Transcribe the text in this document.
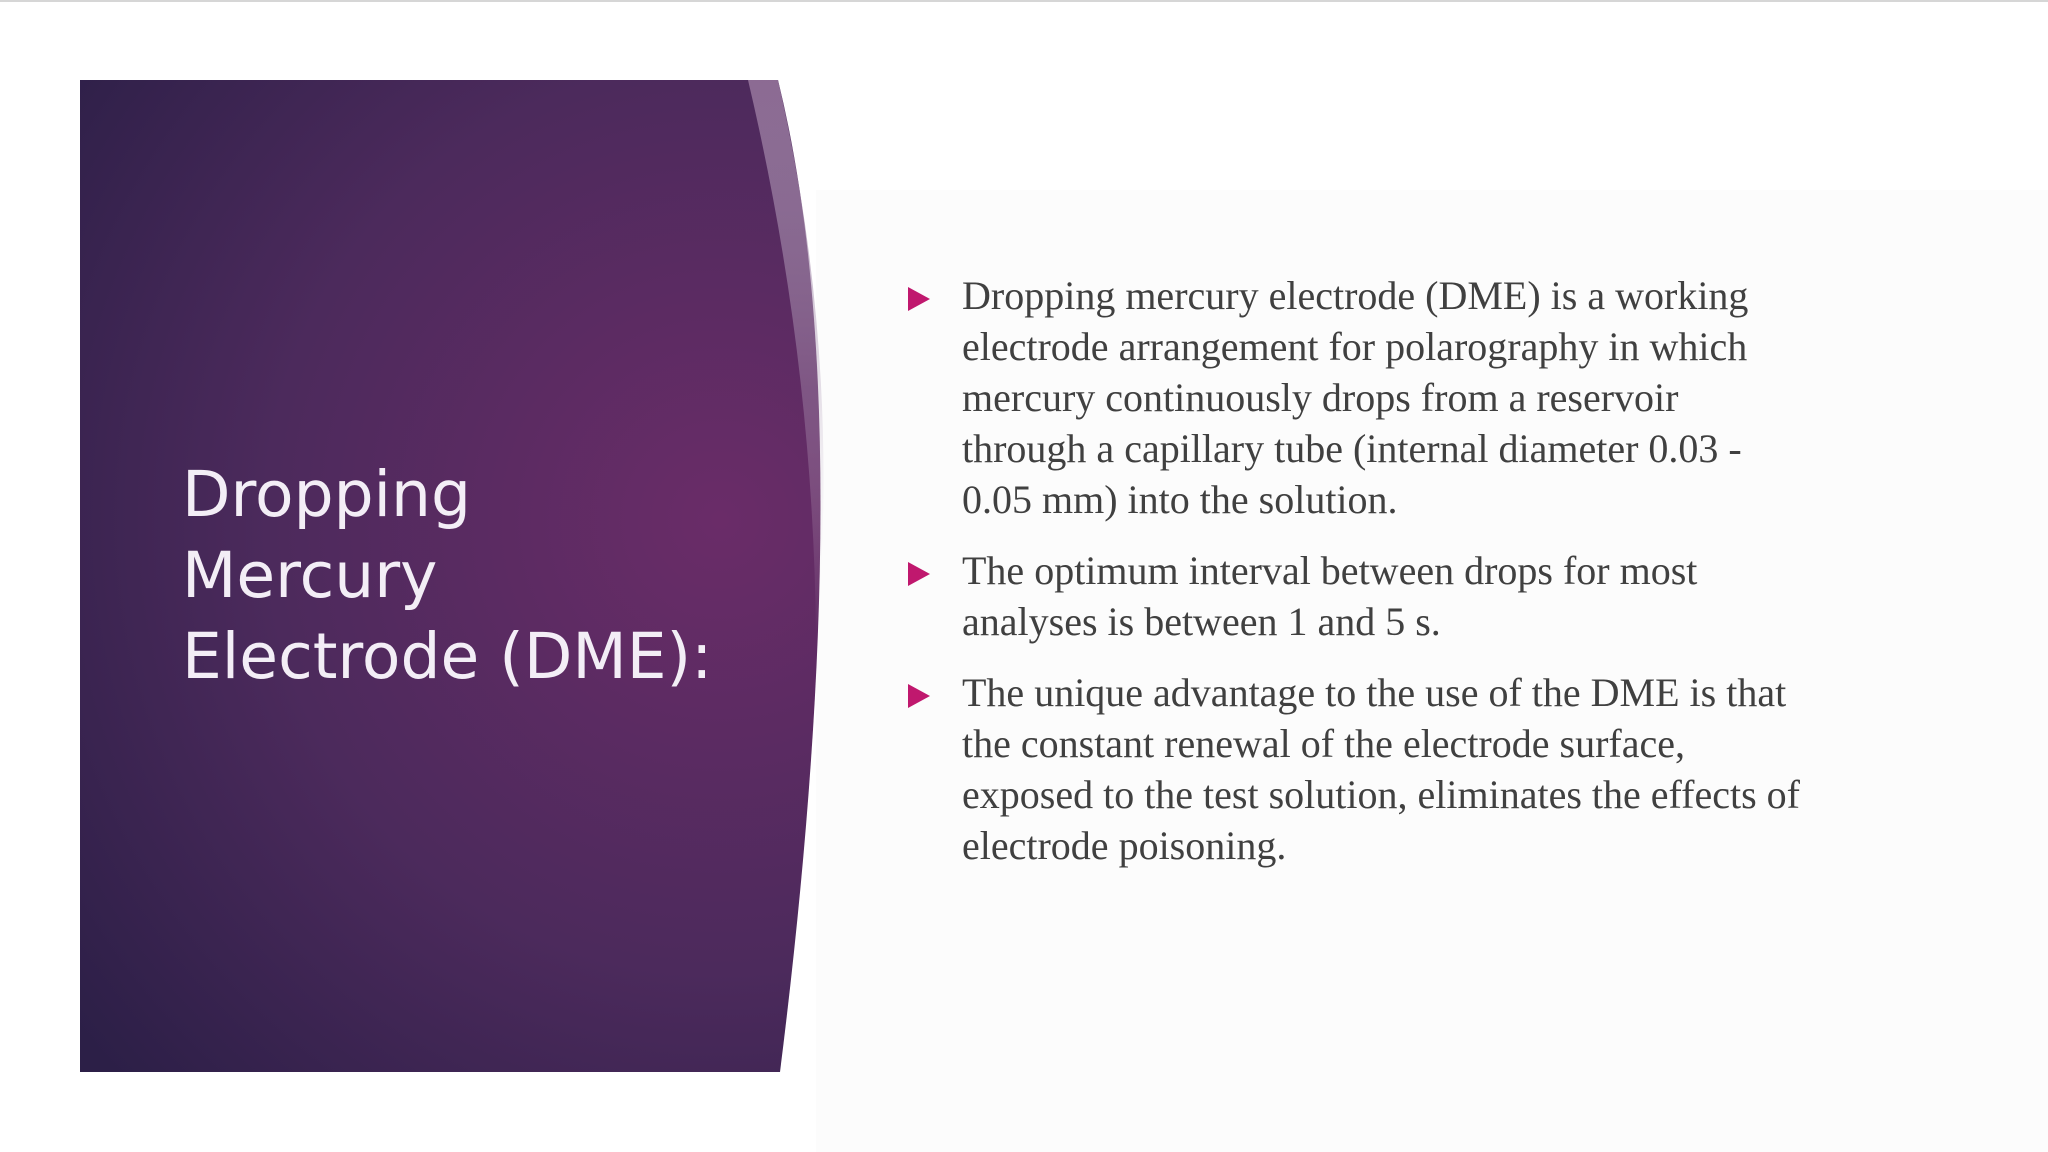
Dropping Mercury Electrode (DME):
Dropping mercury electrode (DME) is a working electrode arrangement for polarography in which mercury continuously drops from a reservoir through a capillary tube (internal diameter 0.03 - 0.05 mm) into the solution.
The optimum interval between drops for most analyses is between 1 and 5 s.
The unique advantage to the use of the DME is that the constant renewal of the electrode surface, exposed to the test solution, eliminates the effects of electrode poisoning.
